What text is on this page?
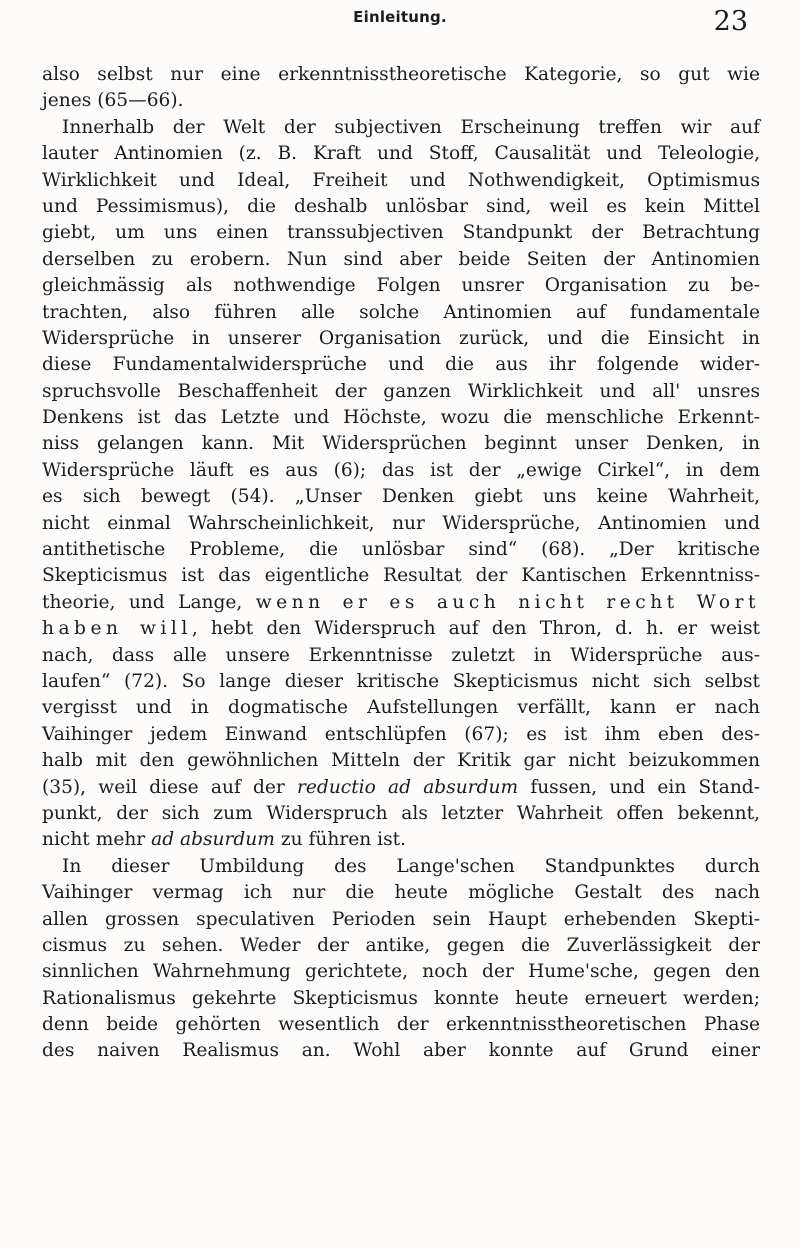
Einleitung.	23
also selbst nur eine erkenntnisstheoretische Kategorie, so gut wie
jenes (65—66).
Innerhalb der Welt der subjectiven Erscheinung treffen wir auf
lauter Antinomien (z. B. Kraft und Stoff, Causalität und Teleologie,
Wirklichkeit und Ideal, Freiheit und Nothwendigkeit, Optimismus
und Pessimismus), die deshalb unlösbar sind, weil es kein Mittel
giebt, um uns einen transsubjectiven Standpunkt der Betrachtung
derselben zu erobern. Nun sind aber beide Seiten der Antinomien
gleichmässig als nothwendige Folgen unsrer Organisation zu be-
trachten, also führen alle solche Antinomien auf fundamentale
Widersprüche in unserer Organisation zurück, und die Einsicht in
diese Fundamentalwidersprüche und die aus ihr folgende wider-
spruchsvolle Beschaffenheit der ganzen Wirklichkeit und all' unsres
Denkens ist das Letzte und Höchste, wozu die menschliche Erkennt-
niss gelangen kann. Mit Widersprüchen beginnt unser Denken, in
Widersprüche läuft es aus (6); das ist der „ewige Cirkel“, in dem
es sich bewegt (54). „Unser Denken giebt uns keine Wahrheit,
nicht einmal Wahrscheinlichkeit, nur Widersprüche, Antinomien und
antithetische Probleme, die unlösbar sind“ (68). „Der kritische
Skepticismus ist das eigentliche Resultat der Kantischen Erkenntniss-
theorie, und Lange, wenn er es auch nicht recht Wort
haben will, hebt den Widerspruch auf den Thron, d. h. er weist
nach, dass alle unsere Erkenntnisse zuletzt in Widersprüche aus-
laufen“ (72). So lange dieser kritische Skepticismus nicht sich selbst
vergisst und in dogmatische Aufstellungen verfällt, kann er nach
Vaihinger jedem Einwand entschlüpfen (67); es ist ihm eben des-
halb mit den gewöhnlichen Mitteln der Kritik gar nicht beizukommen
(35), weil diese auf der reductio ad absurdum fussen, und ein Stand-
punkt, der sich zum Widerspruch als letzter Wahrheit offen bekennt,
nicht mehr ad absurdum zu führen ist.
In dieser Umbildung des Lange'schen Standpunktes durch
Vaihinger vermag ich nur die heute mögliche Gestalt des nach
allen grossen speculativen Perioden sein Haupt erhebenden Skepti-
cismus zu sehen. Weder der antike, gegen die Zuverlässigkeit der
sinnlichen Wahrnehmung gerichtete, noch der Hume'sche, gegen den
Rationalismus gekehrte Skepticismus konnte heute erneuert werden;
denn beide gehörten wesentlich der erkenntnisstheoretischen Phase
des naiven Realismus an. Wohl aber konnte auf Grund einer
